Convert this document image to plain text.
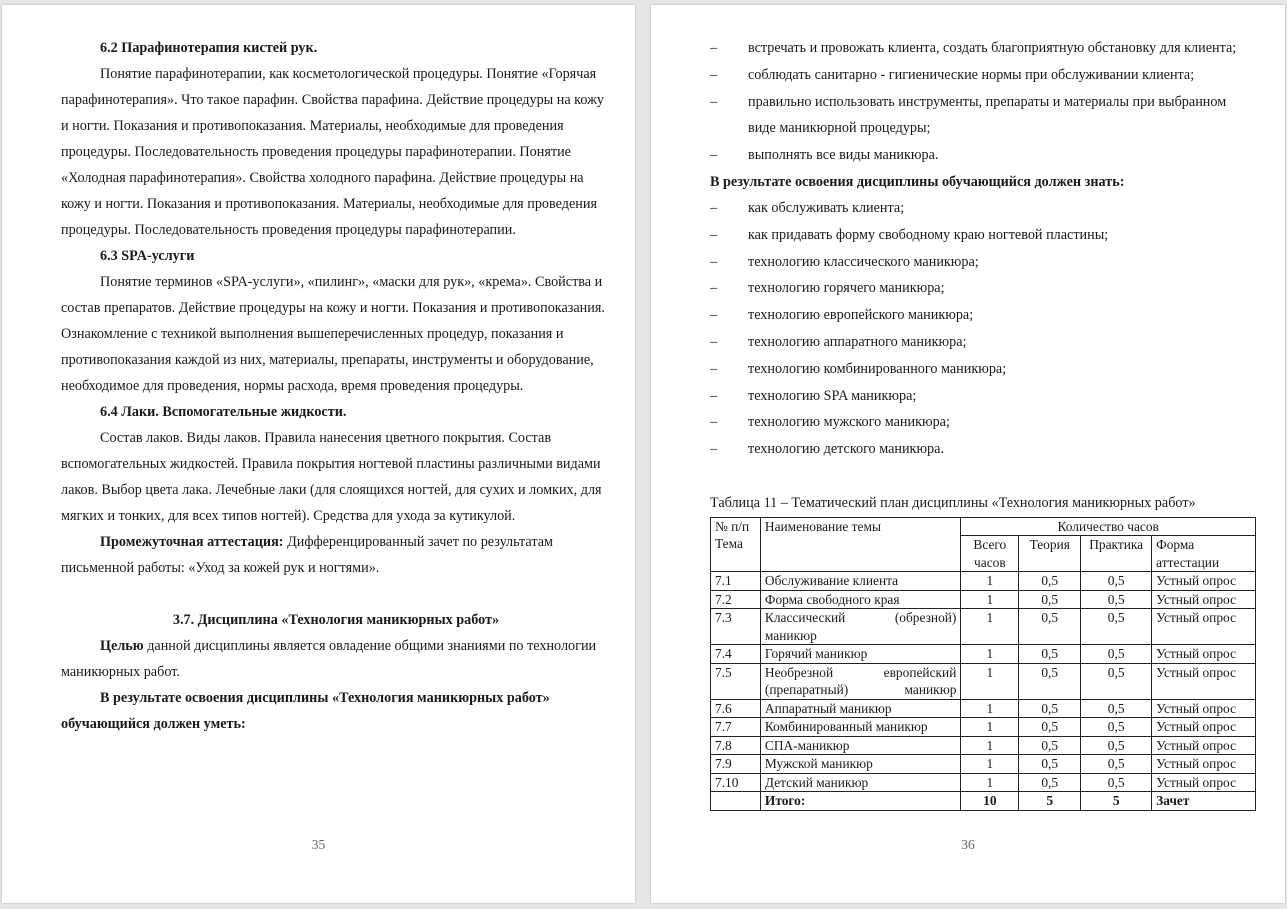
6.2 Парафинотерапия кистей рук.

Понятие парафинотерапии, как косметологической процедуры. Понятие «Горячая парафинотерапия». Что такое парафин. Свойства парафина. Действие процедуры на кожу и ногти. Показания и противопоказания. Материалы, необходимые для проведения процедуры. Последовательность проведения процедуры парафинотерапии. Понятие «Холодная парафинотерапия». Свойства холодного парафина. Действие процедуры на кожу и ногти. Показания и противопоказания. Материалы, необходимые для проведения процедуры. Последовательность проведения процедуры парафинотерапии.

6.3 SPA-услуги

Понятие терминов «SPA-услуги», «пилинг», «маски для рук», «крема». Свойства и состав препаратов. Действие процедуры на кожу и ногти. Показания и противопоказания. Ознакомление с техникой выполнения вышеперечисленных процедур, показания и противопоказания каждой из них, материалы, препараты, инструменты и оборудование, необходимое для проведения, нормы расхода, время проведения процедуры.

6.4 Лаки. Вспомогательные жидкости.

Состав лаков. Виды лаков. Правила нанесения цветного покрытия. Состав вспомогательных жидкостей. Правила покрытия ногтевой пластины различными видами лаков. Выбор цвета лака. Лечебные лаки (для слоящихся ногтей, для сухих и ломких, для мягких и тонких, для всех типов ногтей). Средства для ухода за кутикулой.

Промежуточная аттестация: Дифференцированный зачет по результатам письменной работы: «Уход за кожей рук и ногтями».

3.7. Дисциплина «Технология маникюрных работ»

Целью данной дисциплины является овладение общими знаниями по технологии маникюрных работ.

В результате освоения дисциплины «Технология маникюрных работ» обучающийся должен уметь:

35
– встречать и провожать клиента, создать благоприятную обстановку для клиента;
– соблюдать санитарно - гигиенические нормы при обслуживании клиента;
– правильно использовать инструменты, препараты и материалы при выбранном виде маникюрной процедуры;
– выполнять все виды маникюра.

В результате освоения дисциплины обучающийся должен знать:

– как обслуживать клиента;
– как придавать форму свободному краю ногтевой пластины;
– технологию классического маникюра;
– технологию горячего маникюра;
– технологию европейского маникюра;
– технологию аппаратного маникюра;
– технологию комбинированного маникюра;
– технологию SPA маникюра;
– технологию мужского маникюра;
– технологию детского маникюра.

Таблица 11 – Тематический план дисциплины «Технология маникюрных работ»

№ п/п Тема	Наименование темы	Количество часов			
		Всего часов	Теория	Практика	Форма аттестации
7.1	Обслуживание клиента	1	0,5	0,5	Устный опрос
7.2	Форма свободного края	1	0,5	0,5	Устный опрос
7.3	Классический (обрезной) маникюр	1	0,5	0,5	Устный опрос
7.4	Горячий маникюр	1	0,5	0,5	Устный опрос
7.5	Необрезной европейский (препаратный) маникюр	1	0,5	0,5	Устный опрос
7.6	Аппаратный маникюр	1	0,5	0,5	Устный опрос
7.7	Комбинированный маникюр	1	0,5	0,5	Устный опрос
7.8	СПА-маникюр	1	0,5	0,5	Устный опрос
7.9	Мужской маникюр	1	0,5	0,5	Устный опрос
7.10	Детский маникюр	1	0,5	0,5	Устный опрос
	Итого:	10	5	5	Зачет
36
